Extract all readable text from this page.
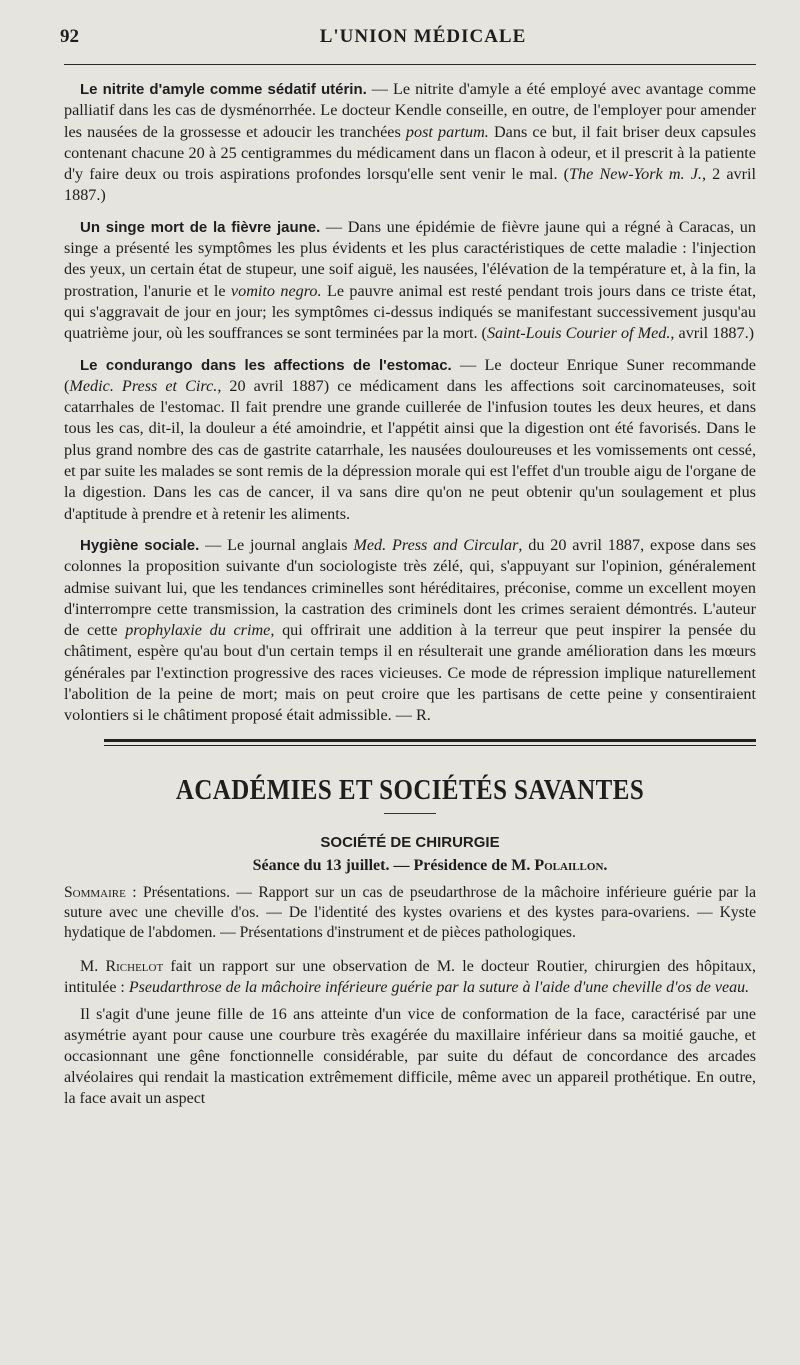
92	L'UNION MÉDICALE

Le nitrite d'amyle comme sédatif utérin. — Le nitrite d'amyle a été employé avec avantage comme palliatif dans les cas de dysménorrhée. Le docteur Kendle conseille, en outre, de l'employer pour amender les nausées de la grossesse et adoucir les tranchées post partum. Dans ce but, il fait briser deux capsules contenant chacune 20 à 25 centigrammes du médicament dans un flacon à odeur, et il prescrit à la patiente d'y faire deux ou trois aspirations profondes lorsqu'elle sent venir le mal. (The New-York m. J., 2 avril 1887.)

Un singe mort de la fièvre jaune. — Dans une épidémie de fièvre jaune qui a régné à Caracas, un singe a présenté les symptômes les plus évidents et les plus caractéristiques de cette maladie : l'injection des yeux, un certain état de stupeur, une soif aiguë, les nausées, l'élévation de la température et, à la fin, la prostration, l'anurie et le vomito negro. Le pauvre animal est resté pendant trois jours dans ce triste état, qui s'aggravait de jour en jour; les symptômes ci-dessus indiqués se manifestant successivement jusqu'au quatrième jour, où les souffrances se sont terminées par la mort. (Saint-Louis Courier of Med., avril 1887.)

Le condurango dans les affections de l'estomac. — Le docteur Enrique Suner recommande (Medic. Press et Circ., 20 avril 1887) ce médicament dans les affections soit carcinomateuses, soit catarrhales de l'estomac. Il fait prendre une grande cuillerée de l'infusion toutes les deux heures, et dans tous les cas, dit-il, la douleur a été amoindrie, et l'appétit ainsi que la digestion ont été favorisés. Dans le plus grand nombre des cas de gastrite catarrhale, les nausées douloureuses et les vomissements ont cessé, et par suite les malades se sont remis de la dépression morale qui est l'effet d'un trouble aigu de l'organe de la digestion. Dans les cas de cancer, il va sans dire qu'on ne peut obtenir qu'un soulagement et plus d'aptitude à prendre et à retenir les aliments.

Hygiène sociale. — Le journal anglais Med. Press and Circular, du 20 avril 1887, expose dans ses colonnes la proposition suivante d'un sociologiste très zélé, qui, s'appuyant sur l'opinion, généralement admise suivant lui, que les tendances criminelles sont héréditaires, préconise, comme un excellent moyen d'interrompre cette transmission, la castration des criminels dont les crimes seraient démontrés. L'auteur de cette prophylaxie du crime, qui offrirait une addition à la terreur que peut inspirer la pensée du châtiment, espère qu'au bout d'un certain temps il en résulterait une grande amélioration dans les mœurs générales par l'extinction progressive des races vicieuses. Ce mode de répression implique naturellement l'abolition de la peine de mort; mais on peut croire que les partisans de cette peine y consentiraient volontiers si le châtiment proposé était admissible. — R.

ACADÉMIES ET SOCIÉTÉS SAVANTES
SOCIÉTÉ DE CHIRURGIE
Séance du 13 juillet. — Présidence de M. Polaillon.

Sommaire : Présentations. — Rapport sur un cas de pseudarthrose de la mâchoire inférieure guérie par la suture avec une cheville d'os. — De l'identité des kystes ovariens et des kystes para-ovariens. — Kyste hydatique de l'abdomen. — Présentations d'instrument et de pièces pathologiques.

M. Richelot fait un rapport sur une observation de M. le docteur Routier, chirurgien des hôpitaux, intitulée : Pseudarthrose de la mâchoire inférieure guérie par la suture à l'aide d'une cheville d'os de veau.

Il s'agit d'une jeune fille de 16 ans atteinte d'un vice de conformation de la face, caractérisé par une asymétrie ayant pour cause une courbure très exagérée du maxillaire inférieur dans sa moitié gauche, et occasionnant une gêne fonctionnelle considérable, par suite du défaut de concordance des arcades alvéolaires qui rendait la mastication extrêmement difficile, même avec un appareil prothétique. En outre, la face avait un aspect
